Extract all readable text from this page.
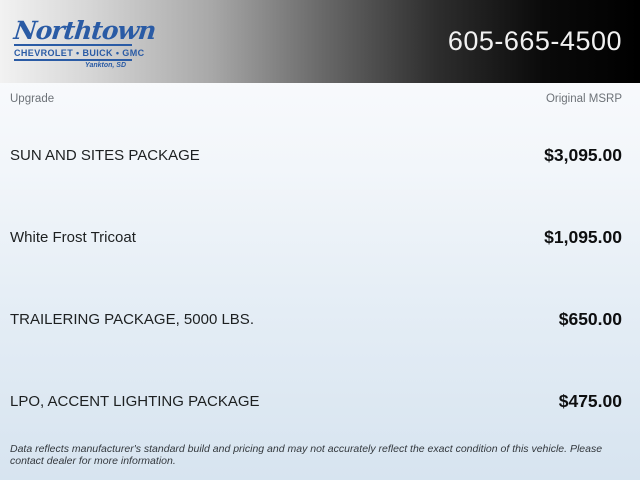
Northtown
CHEVROLET • BUICK • GMC
Yankton, SD
605-665-4500
Upgrade	Original MSRP
SUN AND SITES PACKAGE	$3,095.00
White Frost Tricoat	$1,095.00
TRAILERING PACKAGE, 5000 LBS.	$650.00
LPO, ACCENT LIGHTING PACKAGE	$475.00
Data reflects manufacturer's standard build and pricing and may not accurately reflect the exact condition of this vehicle. Please contact dealer for more information.
